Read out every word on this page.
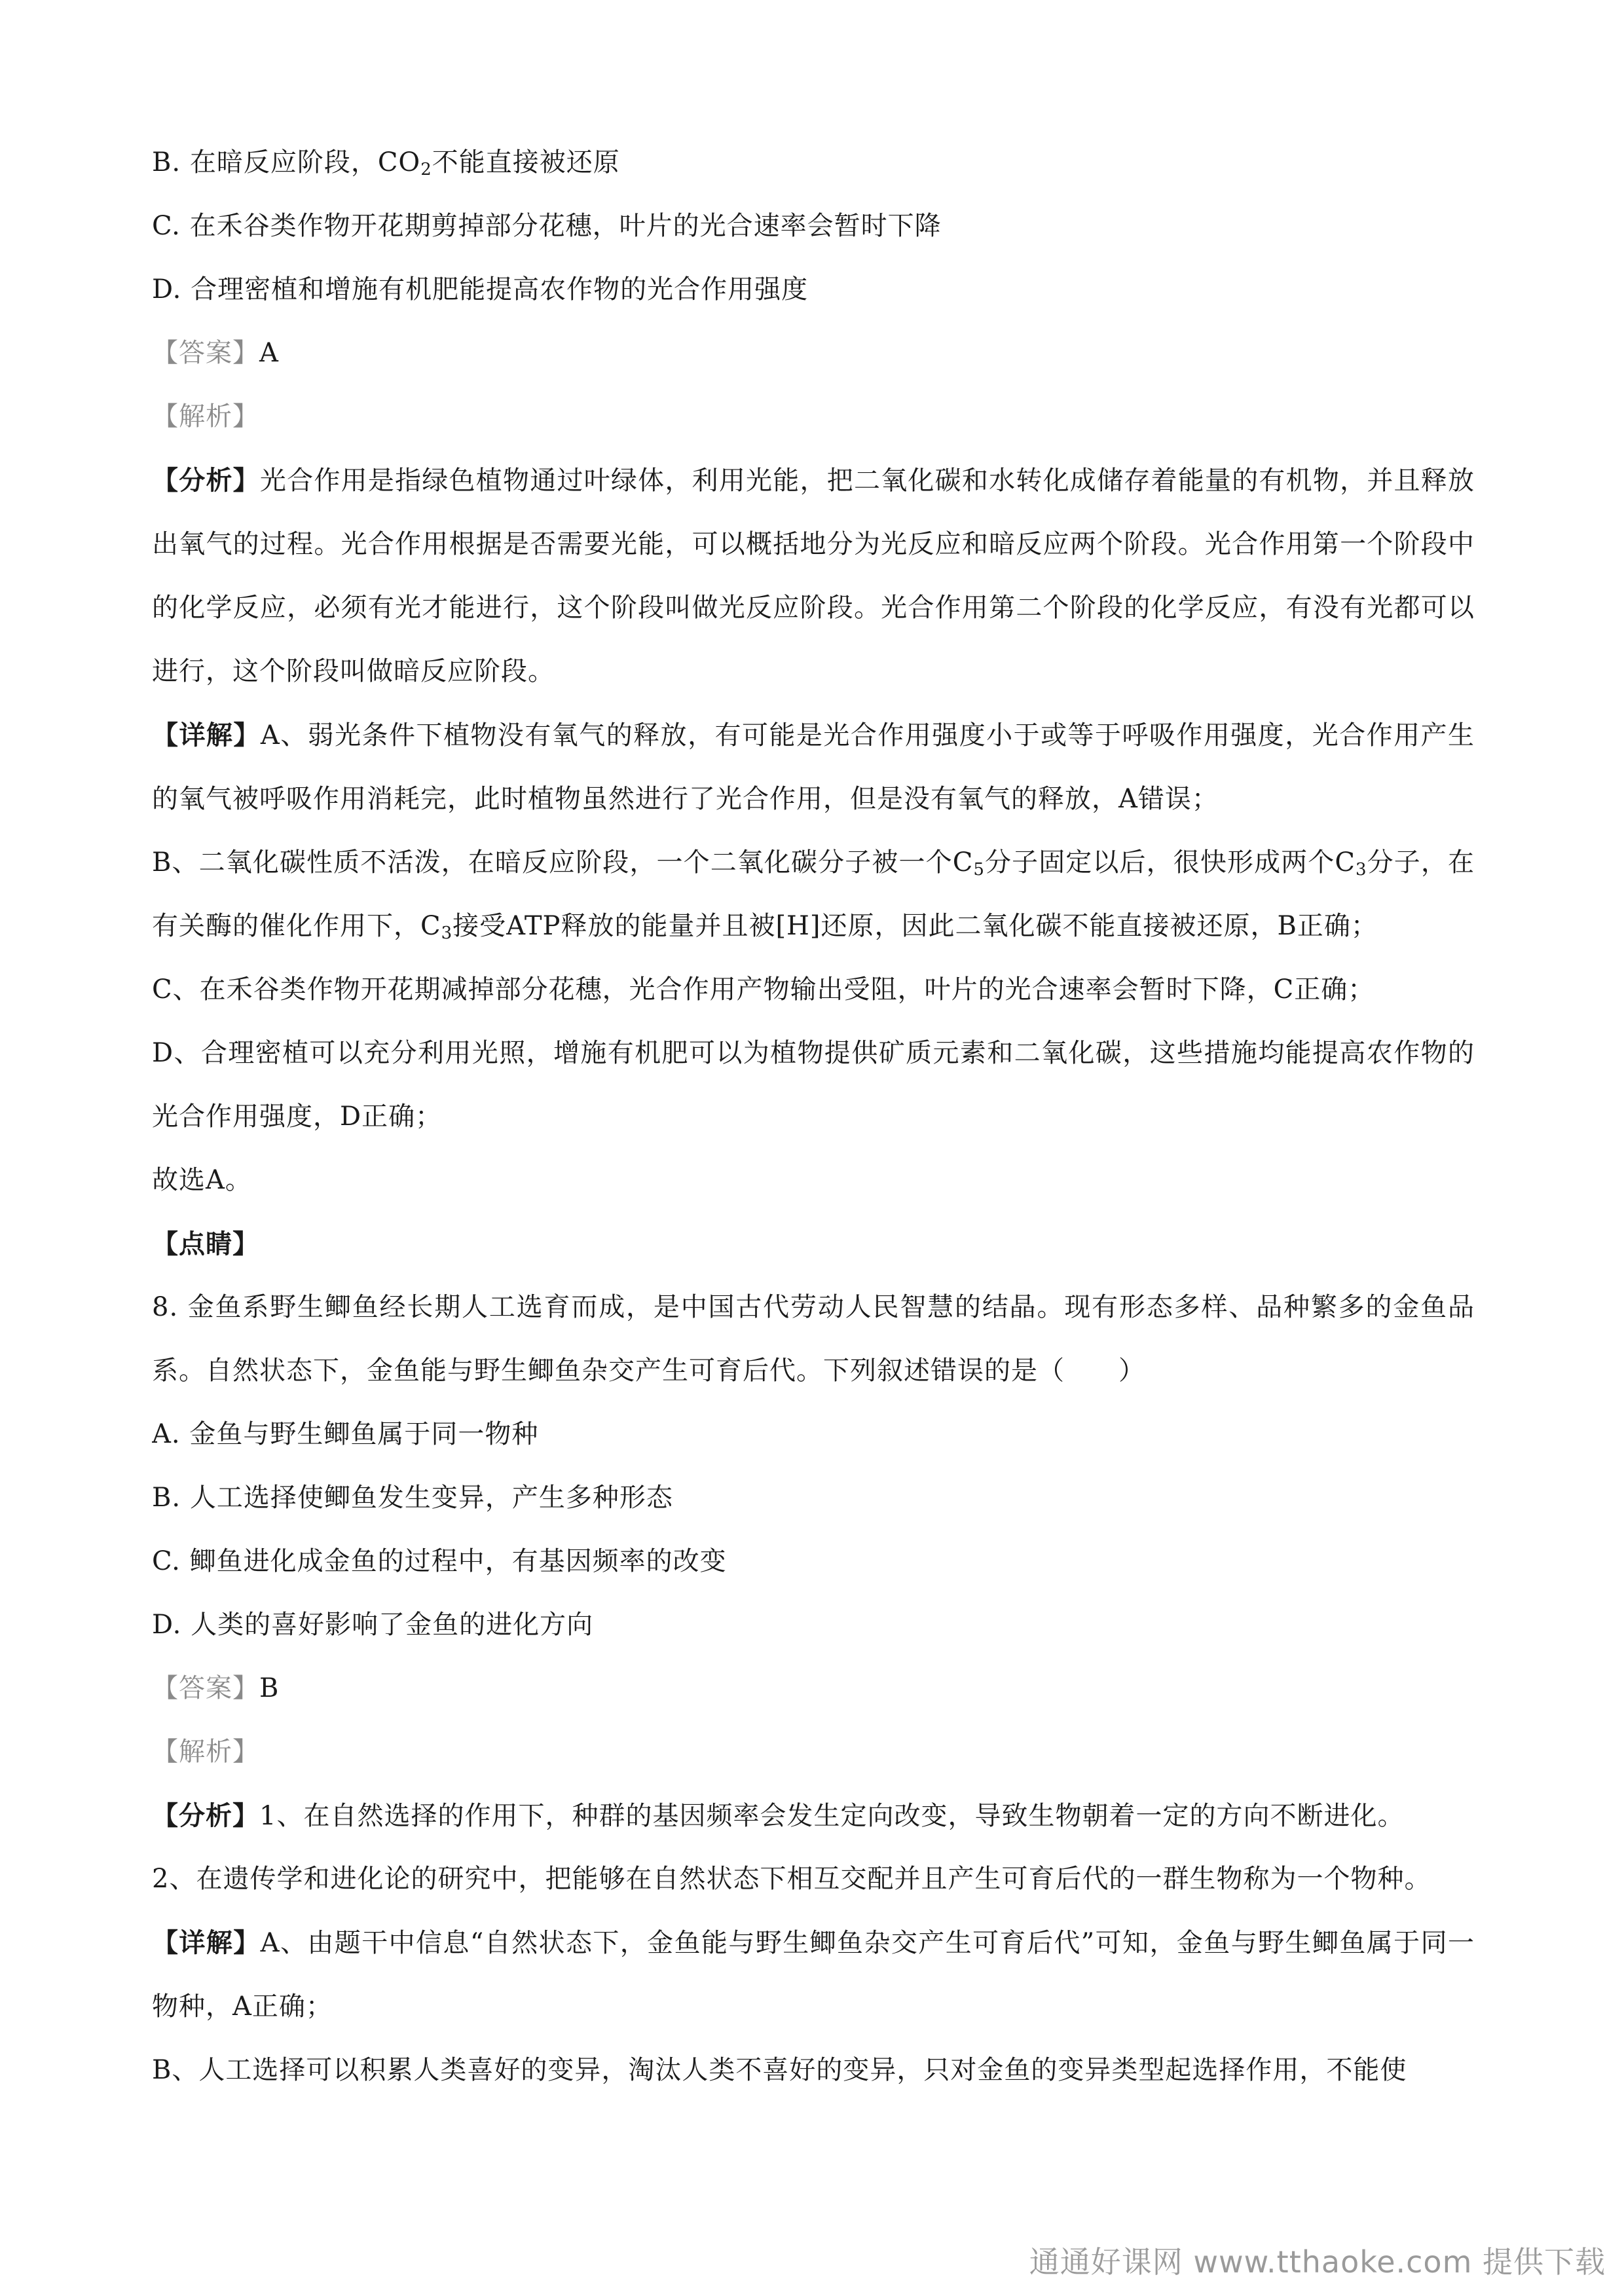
B. 在暗反应阶段，$CO_2$不能直接被还原
C. 在禾谷类作物开花期剪掉部分花穗，叶片的光合速率会暂时下降
D. 合理密植和增施有机肥能提高农作物的光合作用强度
【答案】A
【解析】
【分析】光合作用是指绿色植物通过叶绿体，利用光能，把二氧化碳和水转化成储存着能量的有机物，并且释放出氧气的过程。光合作用根据是否需要光能，可以概括地分为光反应和暗反应两个阶段。光合作用第一个阶段中的化学反应，必须有光才能进行，这个阶段叫做光反应阶段。光合作用第二个阶段的化学反应，有没有光都可以进行，这个阶段叫做暗反应阶段。
【详解】A、弱光条件下植物没有氧气的释放，有可能是光合作用强度小于或等于呼吸作用强度，光合作用产生的氧气被呼吸作用消耗完，此时植物虽然进行了光合作用，但是没有氧气的释放，A错误；
B、二氧化碳性质不活泼，在暗反应阶段，一个二氧化碳分子被一个$C_5$分子固定以后，很快形成两个$C_3$分子，在有关酶的催化作用下，$C_3$接受ATP释放的能量并且被[H]还原，因此二氧化碳不能直接被还原，B正确；
C、在禾谷类作物开花期减掉部分花穗，光合作用产物输出受阻，叶片的光合速率会暂时下降，C正确；
D、合理密植可以充分利用光照，增施有机肥可以为植物提供矿质元素和二氧化碳，这些措施均能提高农作物的光合作用强度，D正确；
故选A。
【点睛】
8. 金鱼系野生鲫鱼经长期人工选育而成，是中国古代劳动人民智慧的结晶。现有形态多样、品种繁多的金鱼品系。自然状态下，金鱼能与野生鲫鱼杂交产生可育后代。下列叙述错误的是（　　）
A. 金鱼与野生鲫鱼属于同一物种
B. 人工选择使鲫鱼发生变异，产生多种形态
C. 鲫鱼进化成金鱼的过程中，有基因频率的改变
D. 人类的喜好影响了金鱼的进化方向
【答案】B
【解析】
【分析】1、在自然选择的作用下，种群的基因频率会发生定向改变，导致生物朝着一定的方向不断进化。
2、在遗传学和进化论的研究中，把能够在自然状态下相互交配并且产生可育后代的一群生物称为一个物种。
【详解】A、由题干中信息“自然状态下，金鱼能与野生鲫鱼杂交产生可育后代”可知，金鱼与野生鲫鱼属于同一物种，A正确；
B、人工选择可以积累人类喜好的变异，淘汰人类不喜好的变异，只对金鱼的变异类型起选择作用，不能使
通通好课网 www.tthaoke.com 提供下载
